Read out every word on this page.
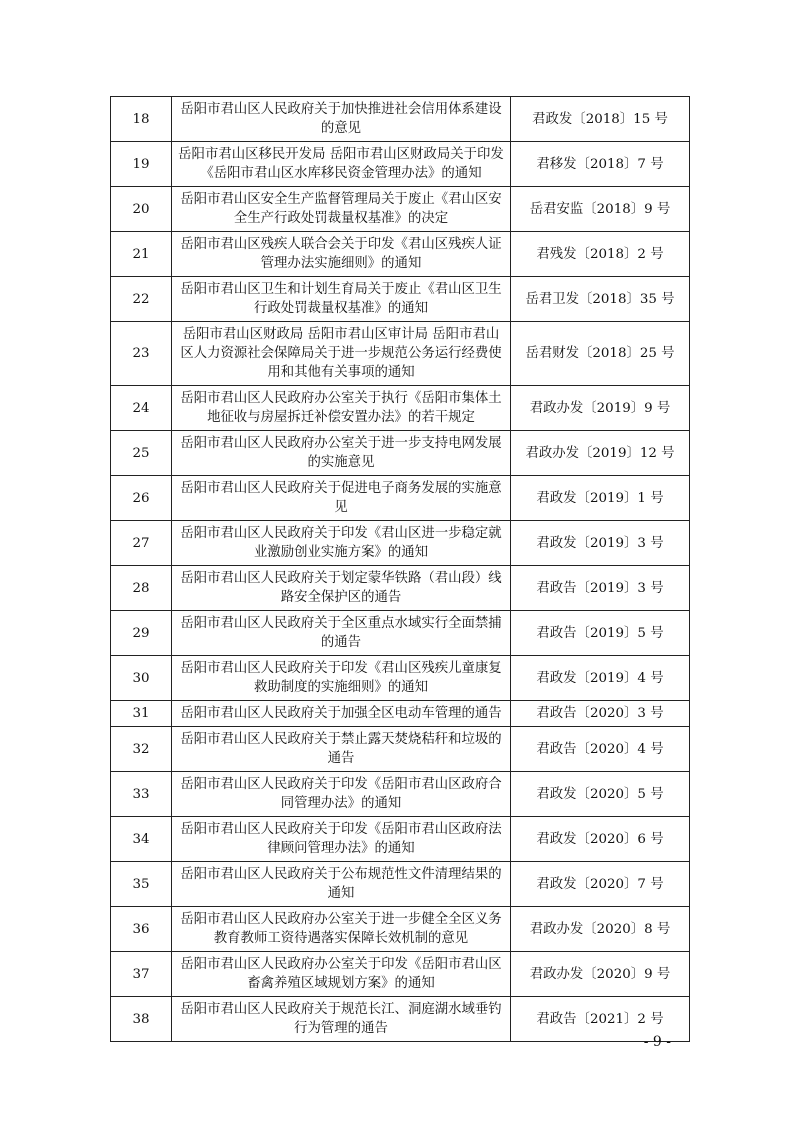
18	岳阳市君山区人民政府关于加快推进社会信用体系建设的意见	君政发〔2018〕15 号
19	岳阳市君山区移民开发局 岳阳市君山区财政局关于印发《岳阳市君山区水库移民资金管理办法》的通知	君移发〔2018〕7 号
20	岳阳市君山区安全生产监督管理局关于废止《君山区安全生产行政处罚裁量权基准》的决定	岳君安监〔2018〕9 号
21	岳阳市君山区残疾人联合会关于印发《君山区残疾人证管理办法实施细则》的通知	君残发〔2018〕2 号
22	岳阳市君山区卫生和计划生育局关于废止《君山区卫生行政处罚裁量权基准》的通知	岳君卫发〔2018〕35 号
23	岳阳市君山区财政局 岳阳市君山区审计局 岳阳市君山区人力资源社会保障局关于进一步规范公务运行经费使用和其他有关事项的通知	岳君财发〔2018〕25 号
24	岳阳市君山区人民政府办公室关于执行《岳阳市集体土地征收与房屋拆迁补偿安置办法》的若干规定	君政办发〔2019〕9 号
25	岳阳市君山区人民政府办公室关于进一步支持电网发展的实施意见	君政办发〔2019〕12 号
26	岳阳市君山区人民政府关于促进电子商务发展的实施意见	君政发〔2019〕1 号
27	岳阳市君山区人民政府关于印发《君山区进一步稳定就业激励创业实施方案》的通知	君政发〔2019〕3 号
28	岳阳市君山区人民政府关于划定蒙华铁路（君山段）线路安全保护区的通告	君政告〔2019〕3 号
29	岳阳市君山区人民政府关于全区重点水域实行全面禁捕的通告	君政告〔2019〕5 号
30	岳阳市君山区人民政府关于印发《君山区残疾儿童康复救助制度的实施细则》的通知	君政发〔2019〕4 号
31	岳阳市君山区人民政府关于加强全区电动车管理的通告	君政告〔2020〕3 号
32	岳阳市君山区人民政府关于禁止露天焚烧秸秆和垃圾的通告	君政告〔2020〕4 号
33	岳阳市君山区人民政府关于印发《岳阳市君山区政府合同管理办法》的通知	君政发〔2020〕5 号
34	岳阳市君山区人民政府关于印发《岳阳市君山区政府法律顾问管理办法》的通知	君政发〔2020〕6 号
35	岳阳市君山区人民政府关于公布规范性文件清理结果的通知	君政发〔2020〕7 号
36	岳阳市君山区人民政府办公室关于进一步健全全区义务教育教师工资待遇落实保障长效机制的意见	君政办发〔2020〕8 号
37	岳阳市君山区人民政府办公室关于印发《岳阳市君山区畜禽养殖区域规划方案》的通知	君政办发〔2020〕9 号
38	岳阳市君山区人民政府关于规范长江、洞庭湖水域垂钓行为管理的通告	君政告〔2021〕2 号
- 9 -
